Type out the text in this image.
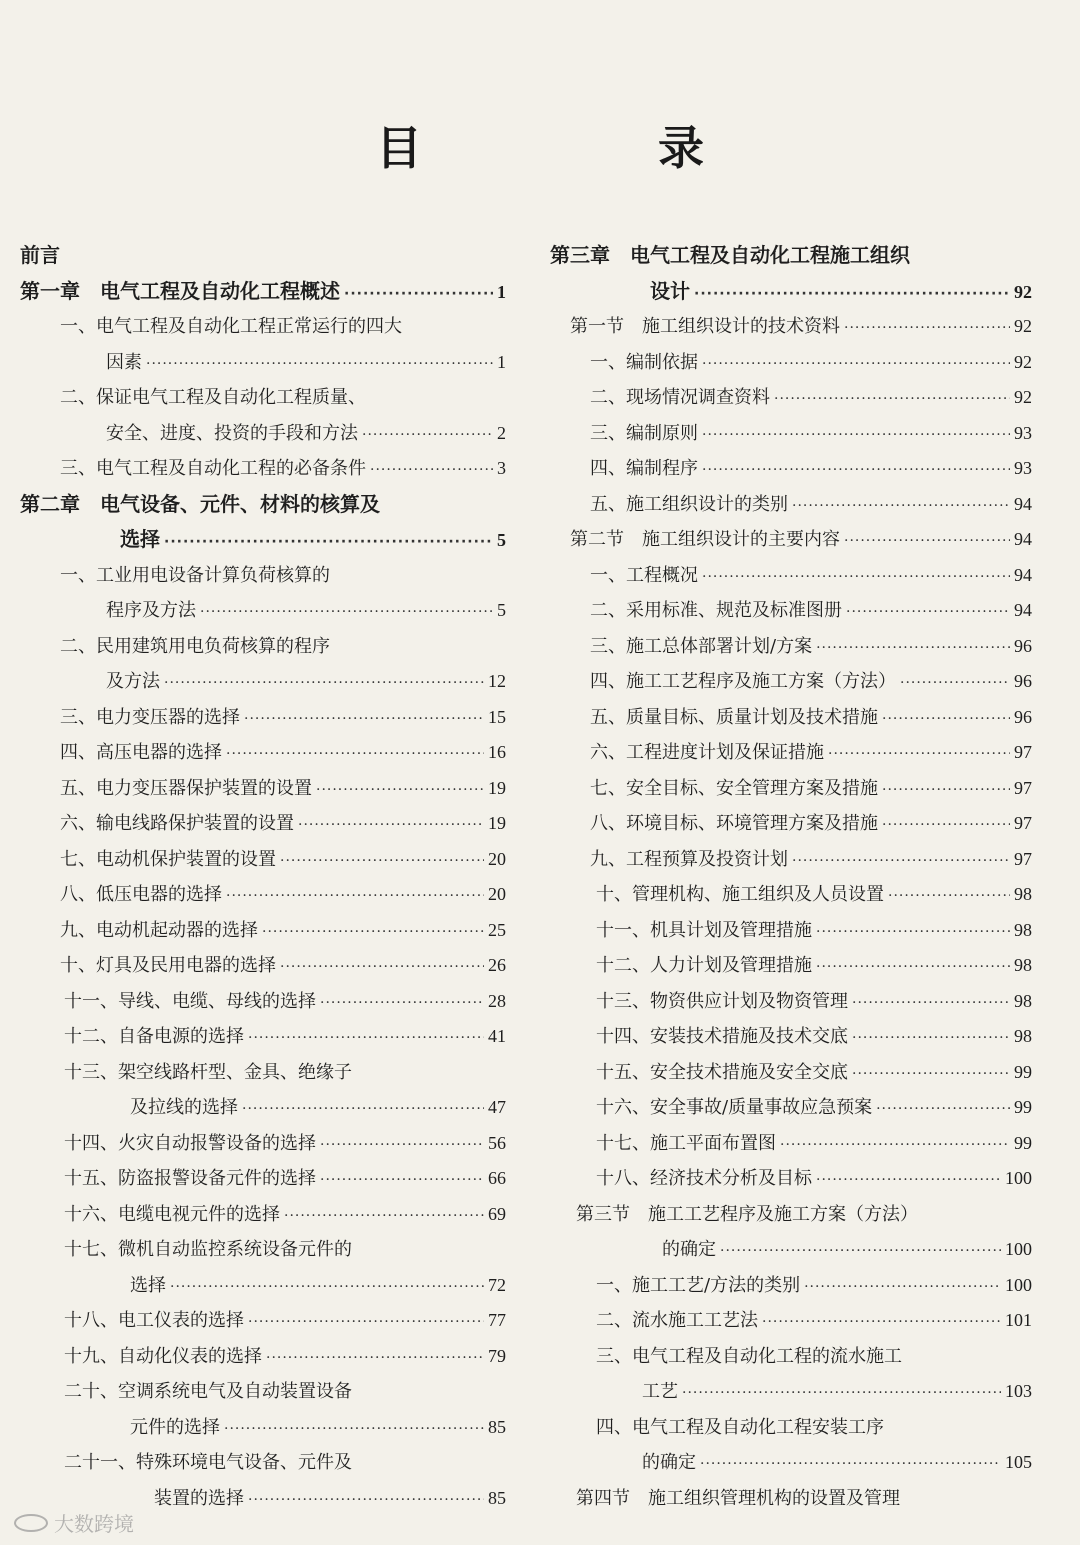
目 录
前言
第一章　电气工程及自动化工程概述 ·····	1
一、电气工程及自动化工程正常运行的四大
因素 ·····	1
二、保证电气工程及自动化工程质量、
安全、进度、投资的手段和方法 ·····	2
三、电气工程及自动化工程的必备条件 ·····	3
第二章　电气设备、元件、材料的核算及
选择 ·····	5
一、工业用电设备计算负荷核算的
程序及方法 ·····	5
二、民用建筑用电负荷核算的程序
及方法 ·····	12
三、电力变压器的选择 ·····	15
四、高压电器的选择 ·····	16
五、电力变压器保护装置的设置 ·····	19
六、输电线路保护装置的设置 ·····	19
七、电动机保护装置的设置 ·····	20
八、低压电器的选择 ·····	20
九、电动机起动器的选择 ·····	25
十、灯具及民用电器的选择 ·····	26
十一、导线、电缆、母线的选择 ·····	28
十二、自备电源的选择 ·····	41
十三、架空线路杆型、金具、绝缘子
及拉线的选择 ·····	47
十四、火灾自动报警设备的选择 ·····	56
十五、防盗报警设备元件的选择 ·····	66
十六、电缆电视元件的选择 ·····	69
十七、微机自动监控系统设备元件的
选择 ·····	72
十八、电工仪表的选择 ·····	77
十九、自动化仪表的选择 ·····	79
二十、空调系统电气及自动装置设备
元件的选择 ·····	85
二十一、特殊环境电气设备、元件及
装置的选择 ·····	85
第三章　电气工程及自动化工程施工组织
设计 ·····	92
第一节　施工组织设计的技术资料 ·····	92
一、编制依据 ·····	92
二、现场情况调查资料 ·····	92
三、编制原则 ·····	93
四、编制程序 ·····	93
五、施工组织设计的类别 ·····	94
第二节　施工组织设计的主要内容 ·····	94
一、工程概况 ·····	94
二、采用标准、规范及标准图册 ·····	94
三、施工总体部署计划/方案 ·····	96
四、施工工艺程序及施工方案（方法） ·····	96
五、质量目标、质量计划及技术措施 ·····	96
六、工程进度计划及保证措施 ·····	97
七、安全目标、安全管理方案及措施 ·····	97
八、环境目标、环境管理方案及措施 ·····	97
九、工程预算及投资计划 ·····	97
十、管理机构、施工组织及人员设置 ·····	98
十一、机具计划及管理措施 ·····	98
十二、人力计划及管理措施 ·····	98
十三、物资供应计划及物资管理 ·····	98
十四、安装技术措施及技术交底 ·····	98
十五、安全技术措施及安全交底 ·····	99
十六、安全事故/质量事故应急预案 ·····	99
十七、施工平面布置图 ·····	99
十八、经济技术分析及目标 ·····	100
第三节　施工工艺程序及施工方案（方法）
的确定 ·····	100
一、施工工艺/方法的类别 ·····	100
二、流水施工工艺法 ·····	101
三、电气工程及自动化工程的流水施工
工艺 ·····	103
四、电气工程及自动化工程安装工序
的确定 ·····	105
第四节　施工组织管理机构的设置及管理
大数跨境
